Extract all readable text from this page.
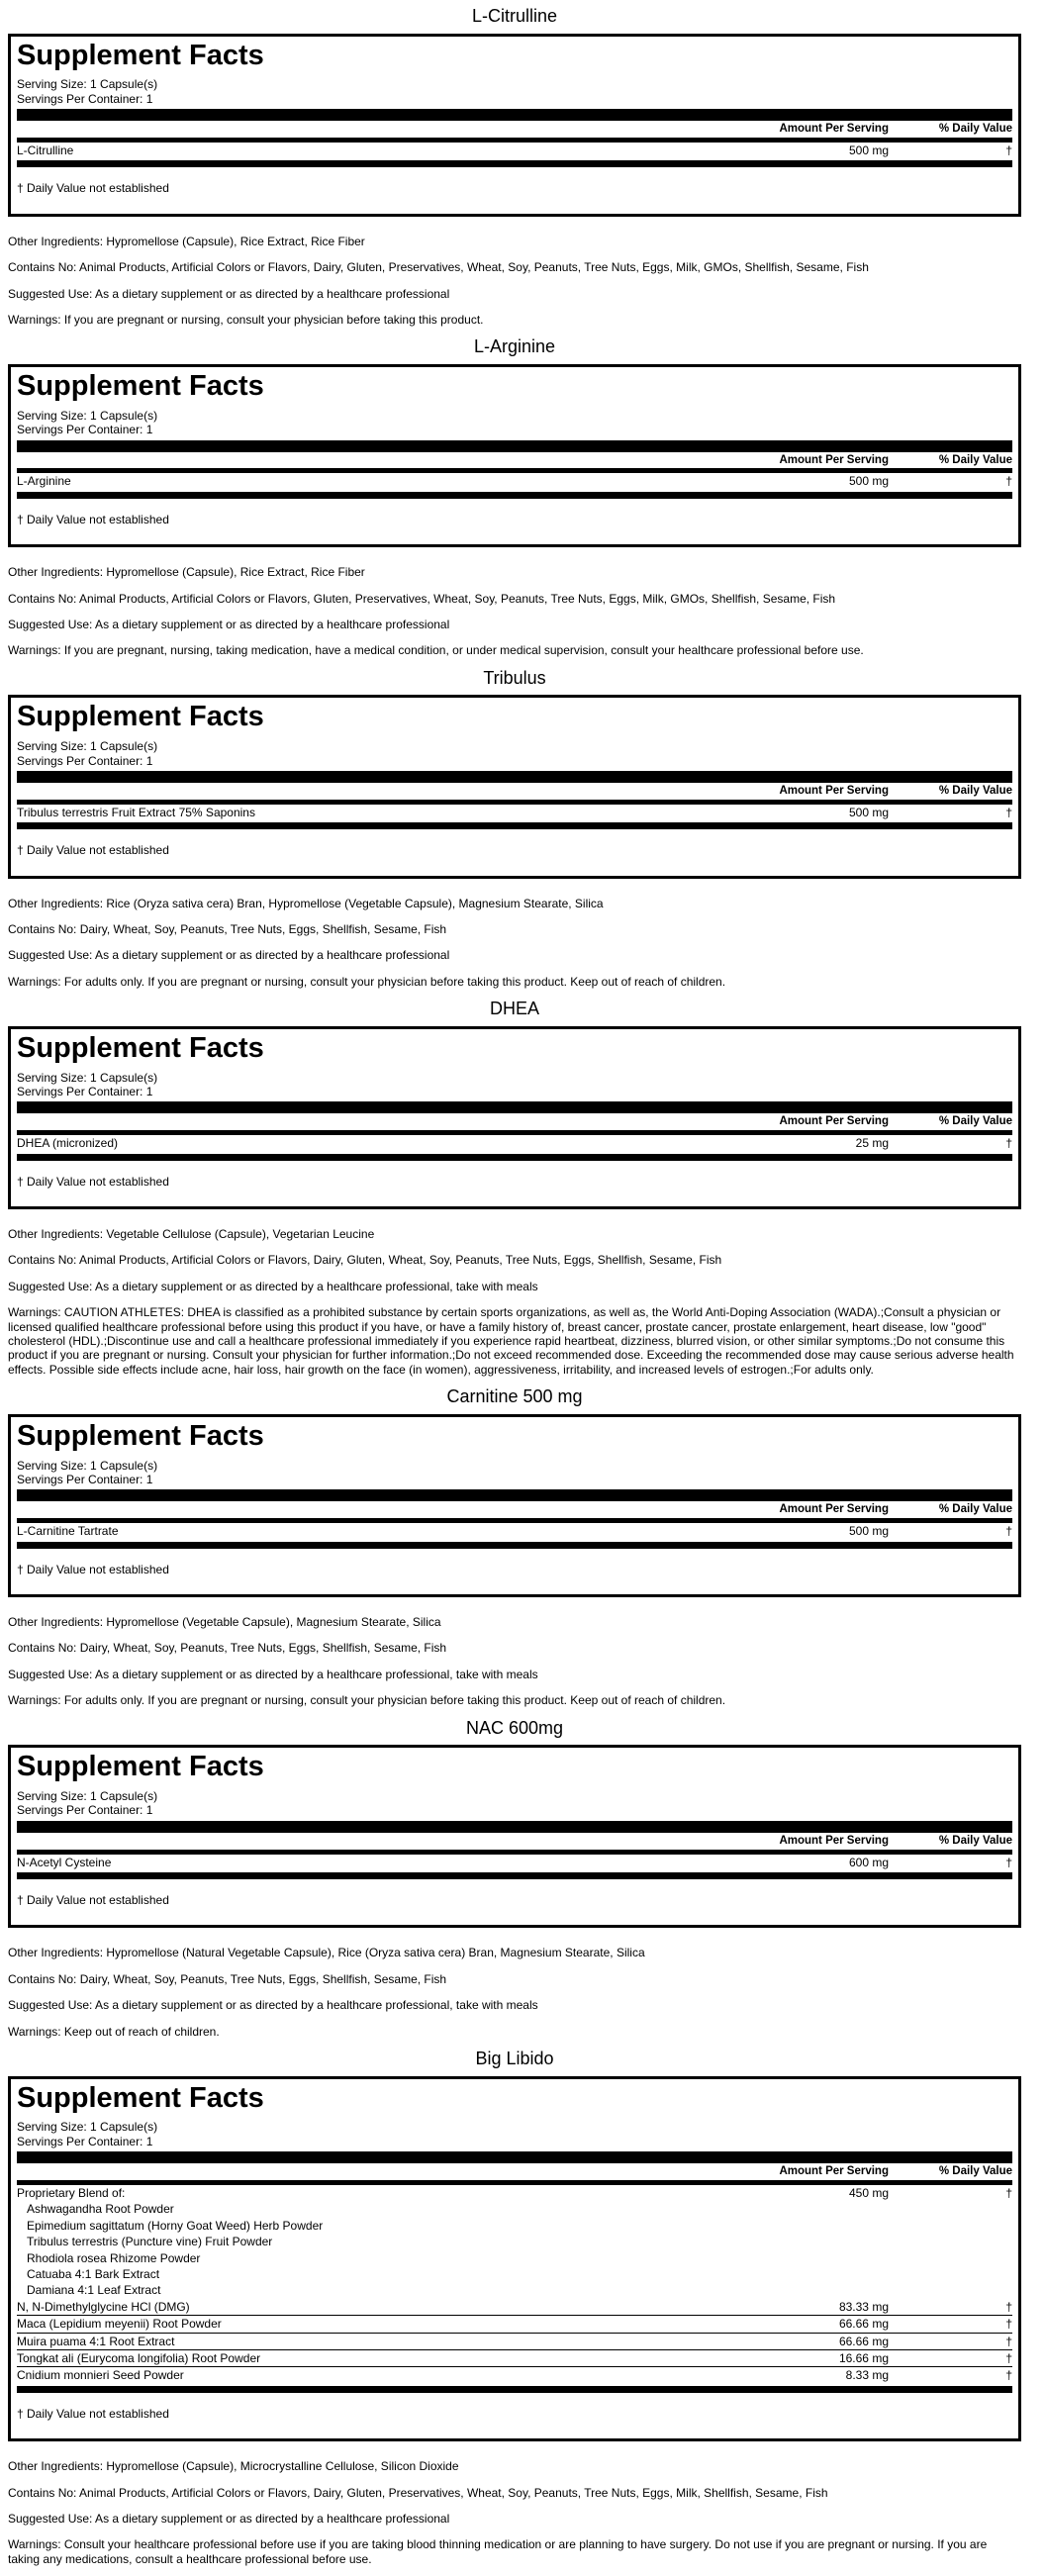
L-Citrulline
Supplement Facts

Serving Size: 1 Capsule(s)

Servings Per Container: 1

Amount Per Serving	% Daily Value
L-Citrulline	500 mg	†
† Daily Value not established

Other Ingredients: Hypromellose (Capsule), Rice Extract, Rice Fiber

Contains No: Animal Products, Artificial Colors or Flavors, Dairy, Gluten, Preservatives, Wheat, Soy, Peanuts, Tree Nuts, Eggs, Milk, GMOs, Shellfish, Sesame, Fish

Suggested Use: As a dietary supplement or as directed by a healthcare professional

Warnings: If you are pregnant or nursing, consult your physician before taking this product.

L-Arginine
Supplement Facts

Serving Size: 1 Capsule(s)

Servings Per Container: 1

Amount Per Serving	% Daily Value
L-Arginine	500 mg	†
† Daily Value not established

Other Ingredients: Hypromellose (Capsule), Rice Extract, Rice Fiber

Contains No: Animal Products, Artificial Colors or Flavors, Gluten, Preservatives, Wheat, Soy, Peanuts, Tree Nuts, Eggs, Milk, GMOs, Shellfish, Sesame, Fish

Suggested Use: As a dietary supplement or as directed by a healthcare professional

Warnings: If you are pregnant, nursing, taking medication, have a medical condition, or under medical supervision, consult your healthcare professional before use.

Tribulus
Supplement Facts

Serving Size: 1 Capsule(s)

Servings Per Container: 1

Amount Per Serving	% Daily Value
Tribulus terrestris Fruit Extract 75% Saponins	500 mg	†
† Daily Value not established

Other Ingredients: Rice (Oryza sativa cera) Bran, Hypromellose (Vegetable Capsule), Magnesium Stearate, Silica

Contains No: Dairy, Wheat, Soy, Peanuts, Tree Nuts, Eggs, Shellfish, Sesame, Fish

Suggested Use: As a dietary supplement or as directed by a healthcare professional

Warnings: For adults only. If you are pregnant or nursing, consult your physician before taking this product. Keep out of reach of children.

DHEA
Supplement Facts

Serving Size: 1 Capsule(s)

Servings Per Container: 1

Amount Per Serving	% Daily Value
DHEA (micronized)	25 mg	†
† Daily Value not established

Other Ingredients: Vegetable Cellulose (Capsule), Vegetarian Leucine

Contains No: Animal Products, Artificial Colors or Flavors, Dairy, Gluten, Wheat, Soy, Peanuts, Tree Nuts, Eggs, Shellfish, Sesame, Fish

Suggested Use: As a dietary supplement or as directed by a healthcare professional, take with meals

Warnings: CAUTION ATHLETES: DHEA is classified as a prohibited substance by certain sports organizations, as well as, the World Anti-Doping Association (WADA).;Consult a physician or licensed qualified healthcare professional before using this product if you have, or have a family history of, breast cancer, prostate cancer, prostate enlargement, heart disease, low "good" cholesterol (HDL).;Discontinue use and call a healthcare professional immediately if you experience rapid heartbeat, dizziness, blurred vision, or other similar symptoms.;Do not consume this product if you are pregnant or nursing. Consult your physician for further information.;Do not exceed recommended dose. Exceeding the recommended dose may cause serious adverse health effects. Possible side effects include acne, hair loss, hair growth on the face (in women), aggressiveness, irritability, and increased levels of estrogen.;For adults only.

Carnitine 500 mg
Supplement Facts

Serving Size: 1 Capsule(s)

Servings Per Container: 1

Amount Per Serving	% Daily Value
L-Carnitine Tartrate	500 mg	†
† Daily Value not established

Other Ingredients: Hypromellose (Vegetable Capsule), Magnesium Stearate, Silica

Contains No: Dairy, Wheat, Soy, Peanuts, Tree Nuts, Eggs, Shellfish, Sesame, Fish

Suggested Use: As a dietary supplement or as directed by a healthcare professional, take with meals

Warnings: For adults only. If you are pregnant or nursing, consult your physician before taking this product. Keep out of reach of children.

NAC 600mg
Supplement Facts

Serving Size: 1 Capsule(s)

Servings Per Container: 1

Amount Per Serving	% Daily Value
N-Acetyl Cysteine	600 mg	†
† Daily Value not established

Other Ingredients: Hypromellose (Natural Vegetable Capsule), Rice (Oryza sativa cera) Bran, Magnesium Stearate, Silica

Contains No: Dairy, Wheat, Soy, Peanuts, Tree Nuts, Eggs, Shellfish, Sesame, Fish

Suggested Use: As a dietary supplement or as directed by a healthcare professional, take with meals

Warnings: Keep out of reach of children.

Big Libido
Supplement Facts

Serving Size: 1 Capsule(s)

Servings Per Container: 1

Amount Per Serving	% Daily Value
Proprietary Blend of:	450 mg	†
Ashwagandha Root Powder
Epimedium sagittatum (Horny Goat Weed) Herb Powder
Tribulus terrestris (Puncture vine) Fruit Powder
Rhodiola rosea Rhizome Powder
Catuaba 4:1 Bark Extract
Damiana 4:1 Leaf Extract
N, N-Dimethylglycine HCl (DMG)	83.33 mg	†
Maca (Lepidium meyenii) Root Powder	66.66 mg	†
Muira puama 4:1 Root Extract	66.66 mg	†
Tongkat ali (Eurycoma longifolia) Root Powder	16.66 mg	†
Cnidium monnieri Seed Powder	8.33 mg	†
† Daily Value not established

Other Ingredients: Hypromellose (Capsule), Microcrystalline Cellulose, Silicon Dioxide

Contains No: Animal Products, Artificial Colors or Flavors, Dairy, Gluten, Preservatives, Wheat, Soy, Peanuts, Tree Nuts, Eggs, Milk, Shellfish, Sesame, Fish

Suggested Use: As a dietary supplement or as directed by a healthcare professional

Warnings: Consult your healthcare professional before use if you are taking blood thinning medication or are planning to have surgery. Do not use if you are pregnant or nursing. If you are taking any medications, consult a healthcare professional before use.
